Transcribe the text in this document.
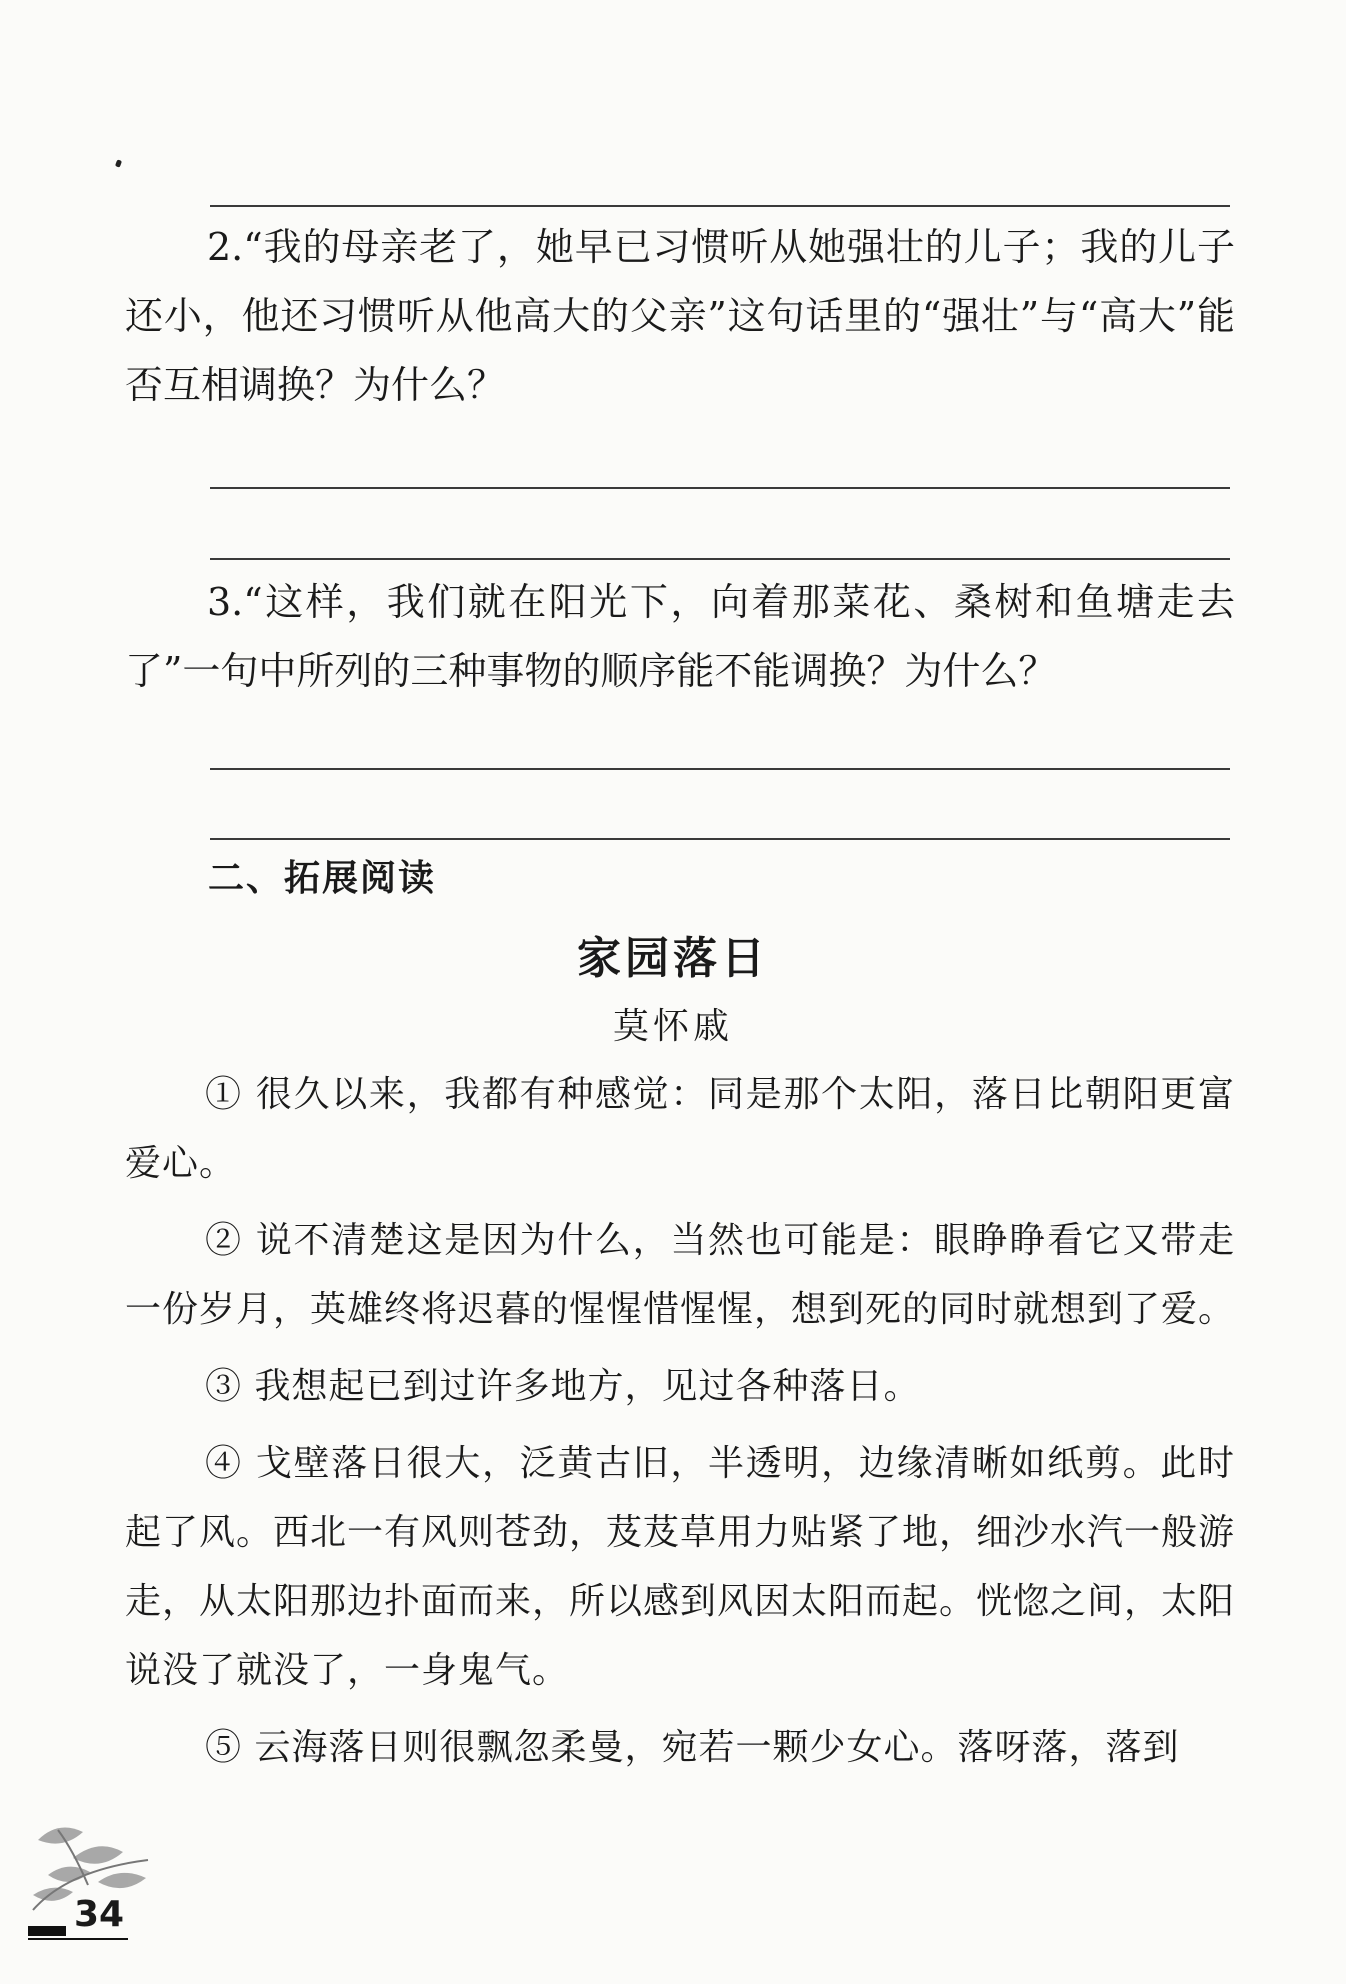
2.“我的母亲老了，她早已习惯听从她强壮的儿子；我的儿子还小，他还习惯听从他高大的父亲”这句话里的“强壮”与“高大”能否互相调换？为什么？

3.“这样，我们就在阳光下，向着那菜花、桑树和鱼塘走去了”一句中所列的三种事物的顺序能不能调换？为什么？

二、拓展阅读
家园落日
莫怀戚

① 很久以来，我都有种感觉：同是那个太阳，落日比朝阳更富爱心。

② 说不清楚这是因为什么，当然也可能是：眼睁睁看它又带走一份岁月，英雄终将迟暮的惺惺惜惺惺，想到死的同时就想到了爱。

③ 我想起已到过许多地方，见过各种落日。

④ 戈壁落日很大，泛黄古旧，半透明，边缘清晰如纸剪。此时起了风。西北一有风则苍劲，芨芨草用力贴紧了地，细沙水汽一般游走，从太阳那边扑面而来，所以感到风因太阳而起。恍惚之间，太阳说没了就没了，一身鬼气。

⑤ 云海落日则很飘忽柔曼，宛若一颗少女心。落呀落，落到

34
